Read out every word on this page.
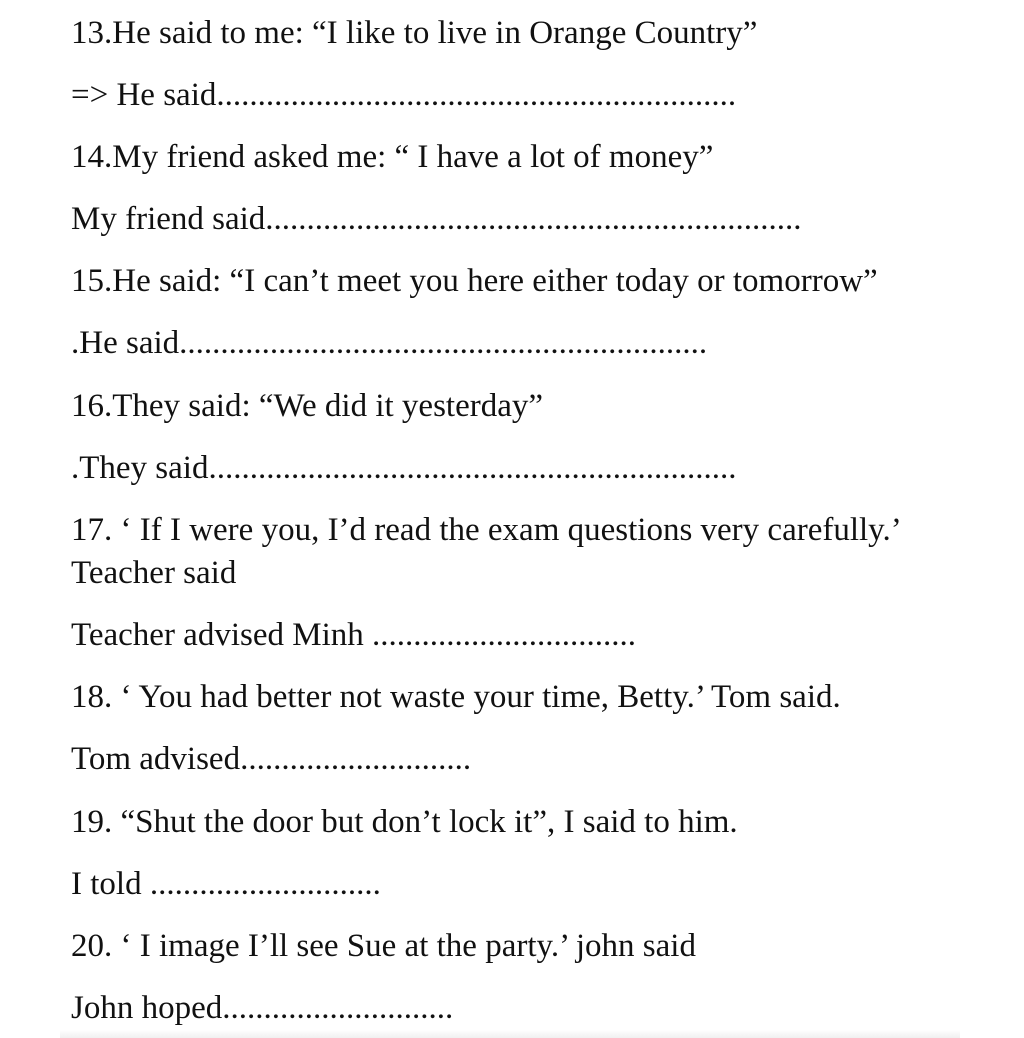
13.He said to me: “I like to live in Orange Country”
=> He said...............................................................
14.My friend asked me: “ I have a lot of money”
My friend said.................................................................
15.He said: “I can’t meet you here either today or tomorrow”
.He said................................................................
16.They said: “We did it yesterday”
.They said................................................................
17. ‘ If I were you, I’d read the exam questions very carefully.’
Teacher said
Teacher advised Minh ................................
18. ‘ You had better not waste your time, Betty.’ Tom said.
Tom advised............................
19. “Shut the door but don’t lock it”, I said to him.
I told ............................
20. ‘ I image I’ll see Sue at the party.’ john said
John hoped............................
